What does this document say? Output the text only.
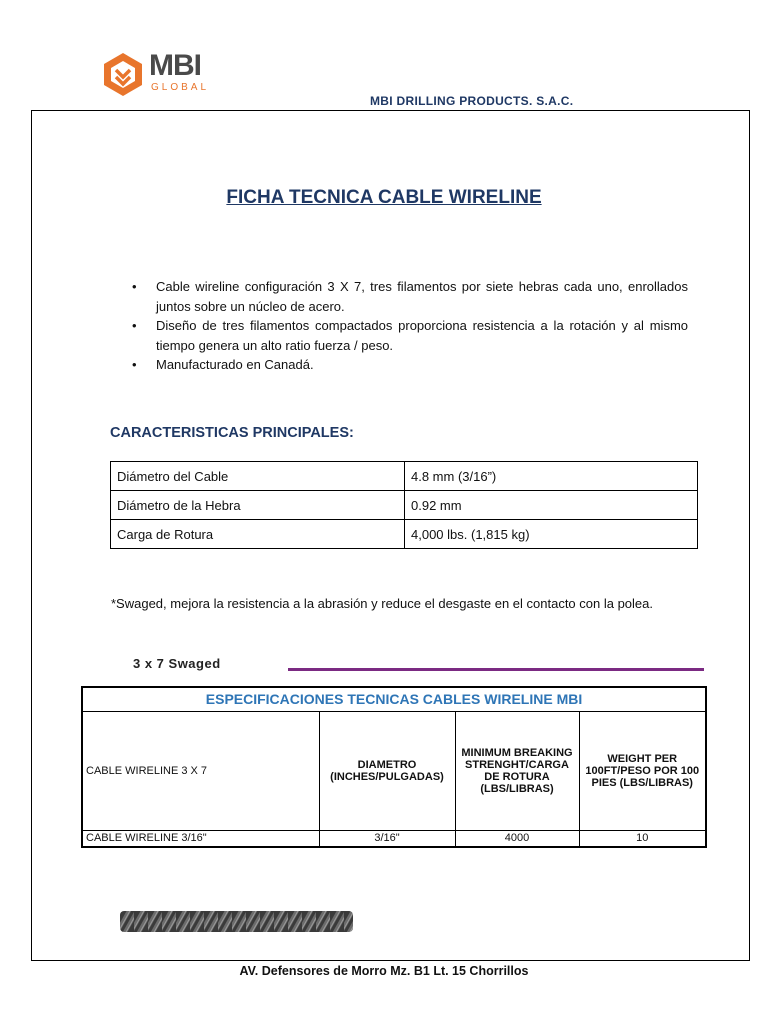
MBI
GLOBAL
MBI DRILLING PRODUCTS. S.A.C.
FICHA TECNICA CABLE WIRELINE
• Cable wireline configuración 3 X 7, tres filamentos por siete hebras cada uno, enrollados juntos sobre un núcleo de acero.
• Diseño de tres filamentos compactados proporciona resistencia a la rotación y al mismo tiempo genera un alto ratio fuerza / peso.
• Manufacturado en Canadá.
CARACTERISTICAS PRINCIPALES:
Diámetro del Cable	4.8 mm (3/16”)
Diámetro de la Hebra	0.92 mm
Carga de Rotura	4,000 lbs. (1,815 kg)
*Swaged, mejora la resistencia a la abrasión y reduce el desgaste en el contacto con la polea.
3 x 7 Swaged
ESPECIFICACIONES TECNICAS CABLES WIRELINE MBI			
CABLE WIRELINE 3 X 7	DIAMETRO (INCHES/PULGADAS)	MINIMUM BREAKING STRENGHT/CARGA DE ROTURA (LBS/LIBRAS)	WEIGHT PER 100FT/PESO POR 100 PIES (LBS/LIBRAS)
CABLE WIRELINE 3/16"	3/16"	4000	10
AV. Defensores de Morro Mz. B1 Lt. 15 Chorrillos
